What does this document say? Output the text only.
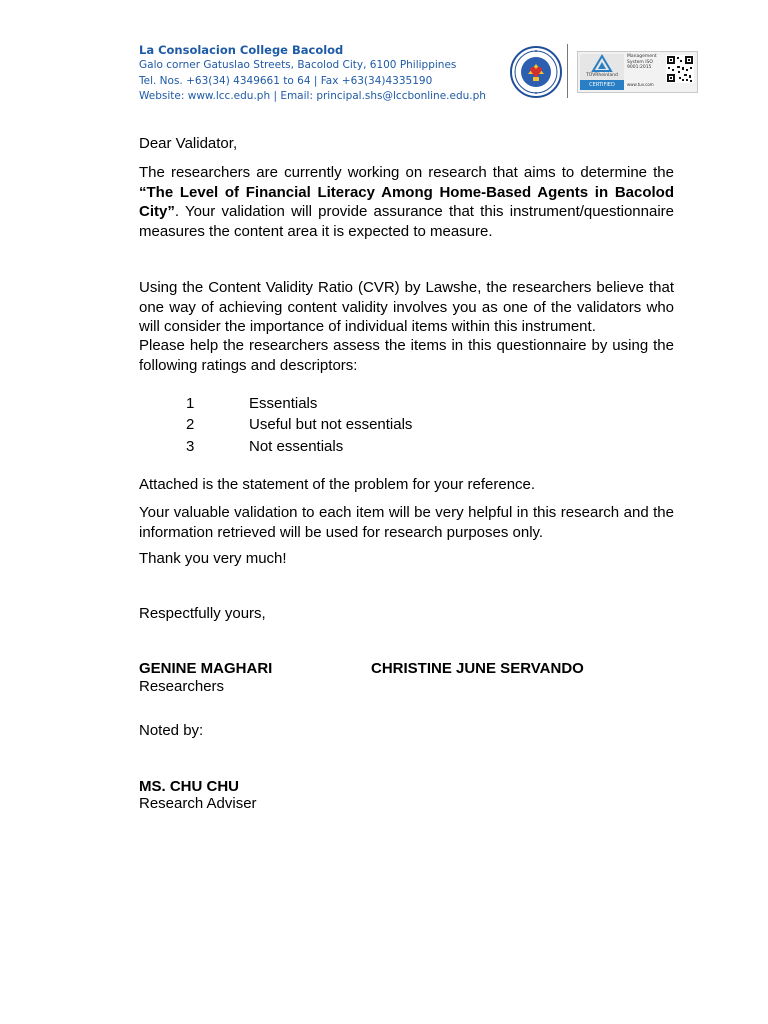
La Consolacion College Bacolod
Galo corner Gatuslao Streets, Bacolod City, 6100 Philippines
Tel. Nos. +63(34) 4349661 to 64 | Fax +63(34)4335190
Website: www.lcc.edu.ph | Email: principal.shs@lccbonline.edu.ph
TÜVRheinland
CERTIFIED
Management System ISO 9001:2015
www.tuv.com
Dear Validator,
The researchers are currently working on research that aims to determine the “The Level of Financial Literacy Among Home-Based Agents in Bacolod City”. Your validation will provide assurance that this instrument/questionnaire measures the content area it is expected to measure.
Using the Content Validity Ratio (CVR) by Lawshe, the researchers believe that one way of achieving content validity involves you as one of the validators who will consider the importance of individual items within this instrument.
Please help the researchers assess the items in this questionnaire by using the following ratings and descriptors:
1	Essentials
2	Useful but not essentials
3	Not essentials
Attached is the statement of the problem for your reference.
Your valuable validation to each item will be very helpful in this research and the information retrieved will be used for research purposes only.
Thank you very much!
Respectfully yours,
GENINE MAGHARI	CHRISTINE JUNE SERVANDO
Researchers
Noted by:
MS. CHU CHU
Research Adviser
